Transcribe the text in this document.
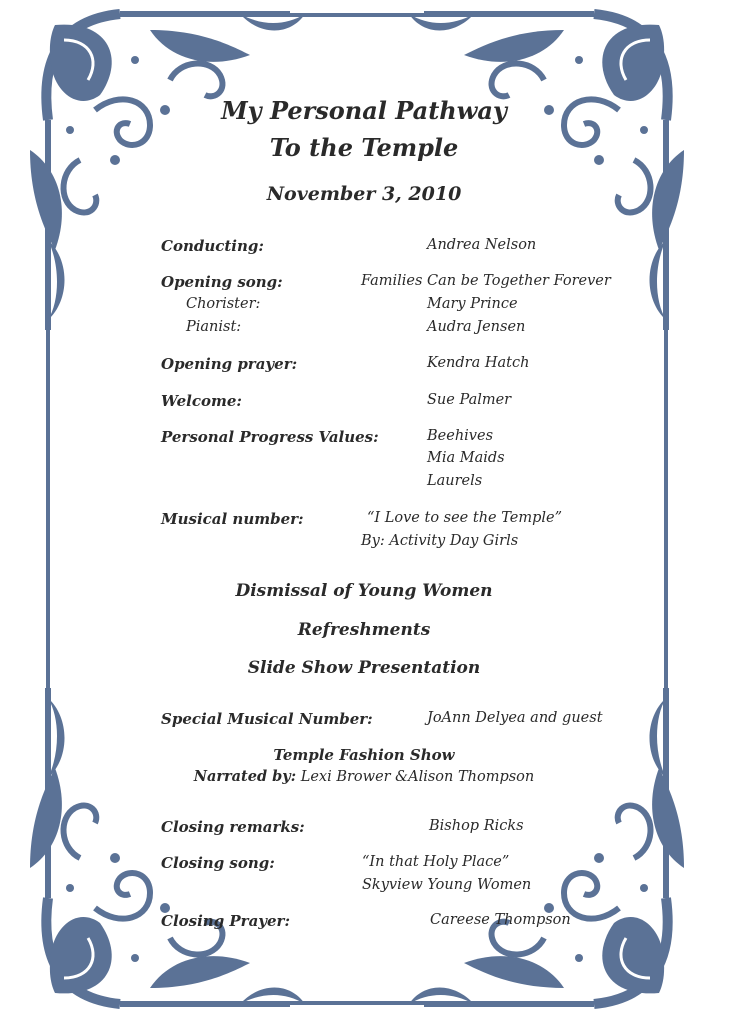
My Personal Pathway
To the Temple
November 3, 2010
Conducting:	Andrea Nelson
Opening song:	Families Can be Together Forever
Chorister:	Mary Prince
Pianist:	Audra Jensen
Opening prayer:	Kendra Hatch
Welcome:	Sue Palmer
Personal Progress Values:	Beehives
Mia Maids
Laurels
Musical number:	“I Love to see the Temple”
By: Activity Day Girls
Dismissal of Young Women
Refreshments
Slide Show Presentation
Special Musical Number:	JoAnn Delyea and guest
Temple Fashion Show
Narrated by: Lexi Brower &Alison Thompson
Closing remarks:	Bishop Ricks
Closing song:	“In that Holy Place”
Skyview Young Women
Closing Prayer:	Careese Thompson
